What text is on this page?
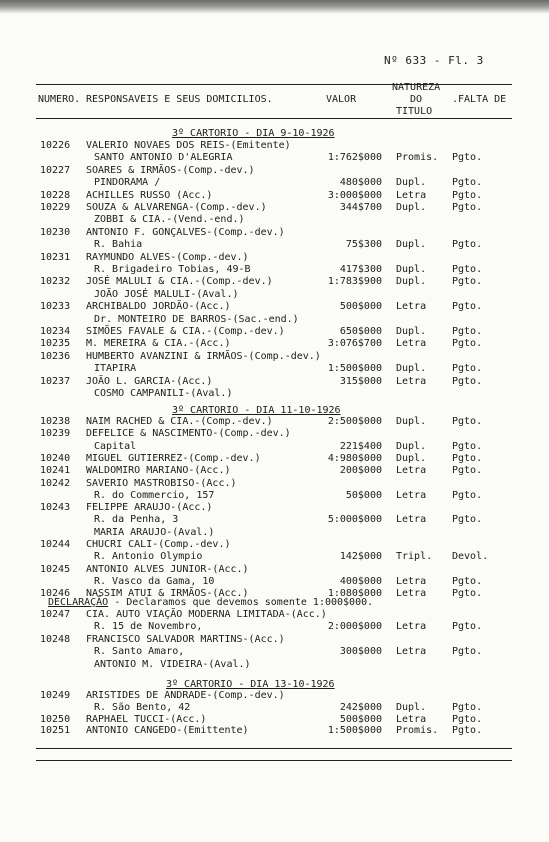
Nº 633 - Fl. 3
NUMERO. RESPONSAVEIS E SEUS DOMICILIOS.	VALOR
NATUREZA
DO
TITULO
.FALTA DE
3º CARTORIO - DIA 9-10-1926
10226 VALERIO NOVAES DOS REIS-(Emitente)
SANTO ANTONIO D'ALEGRIA	1:762$000 Promis. Pgto.
10227 SOARES & IRMÃOS-(Comp.-dev.)
PINDORAMA /	480$000 Dupl.	Pgto.
10228 ACHILLES RUSSO (Acc.)	3:000$000 Letra	Pgto.
10229 SOUZA & ALVARENGA-(Comp.-dev.)	344$700 Dupl.	Pgto.
ZOBBI & CIA.-(Vend.-end.)
10230 ANTONIO F. GONÇALVES-(Comp.-dev.)
R. Bahia	75$300 Dupl.	Pgto.
10231 RAYMUNDO ALVES-(Comp.-dev.)
R. Brigadeiro Tobias, 49-B	417$300 Dupl.	Pgto.
10232 JOSÉ MALULI & CIA.-(Comp.-dev.)	1:783$900 Dupl.	Pgto.
JOÃO JOSÉ MALULI-(Aval.)
10233 ARCHIBALDO JORDÃO-(Acc.)	500$000 Letra	Pgto.
Dr. MONTEIRO DE BARROS-(Sac.-end.)
10234 SIMÕES FAVALE & CIA.-(Comp.-dev.)	650$000 Dupl.	Pgto.
10235 M. MEREIRA & CIA.-(Acc.)	3:076$700 Letra	Pgto.
10236 HUMBERTO AVANZINI & IRMÃOS-(Comp.-dev.)
ITAPIRA	1:500$000 Dupl.	Pgto.
10237 JOÃO L. GARCIA-(Acc.)	315$000 Letra	Pgto.
COSMO CAMPANILI-(Aval.)
3º CARTORIO - DIA 11-10-1926
10238 NAIM RACHED & CIA.-(Comp.-dev.)	2:500$000 Dupl.	Pgto.
10239 DEFELICE & NASCIMENTO-(Comp.-dev.)
Capital	221$400 Dupl.	Pgto.
10240 MIGUEL GUTIERREZ-(Comp.-dev.)	4:980$000 Dupl.	Pgto.
10241 WALDOMIRO MARIANO-(Acc.)	200$000 Letra	Pgto.
10242 SAVERIO MASTROBISO-(Acc.)
R. do Commercio, 157	50$000 Letra	Pgto.
10243 FELIPPE ARAUJO-(Acc.)
R. da Penha, 3	5:000$000 Letra	Pgto.
MARIA ARAUJO-(Aval.)
10244 CHUCRI CALI-(Comp.-dev.)
R. Antonio Olympio	142$000 Tripl. Devol.
10245 ANTONIO ALVES JUNIOR-(Acc.)
R. Vasco da Gama, 10	400$000 Letra	Pgto.
10246 NASSIM ATUI & IRMÃOS-(Acc.)	1:080$000 Letra	Pgto.
DECLARAÇÃO - Declaramos que devemos somente 1:000$000.
10247 CIA. AUTO VIAÇÃO MODERNA LIMITADA-(Acc.)
R. 15 de Novembro,	2:000$000 Letra	Pgto.
10248 FRANCISCO SALVADOR MARTINS-(Acc.)
R. Santo Amaro,	300$000 Letra	Pgto.
ANTONIO M. VIDEIRA-(Aval.)
3º CARTORIO - DIA 13-10-1926
10249 ARISTIDES DE ANDRADE-(Comp.-dev.)
R. São Bento, 42	242$000 Dupl.	Pgto.
10250 RAPHAEL TUCCI-(Acc.)	500$000 Letra	Pgto.
10251 ANTONIO CANGEDO-(Emittente)	1:500$000 Promis. Pgto.
